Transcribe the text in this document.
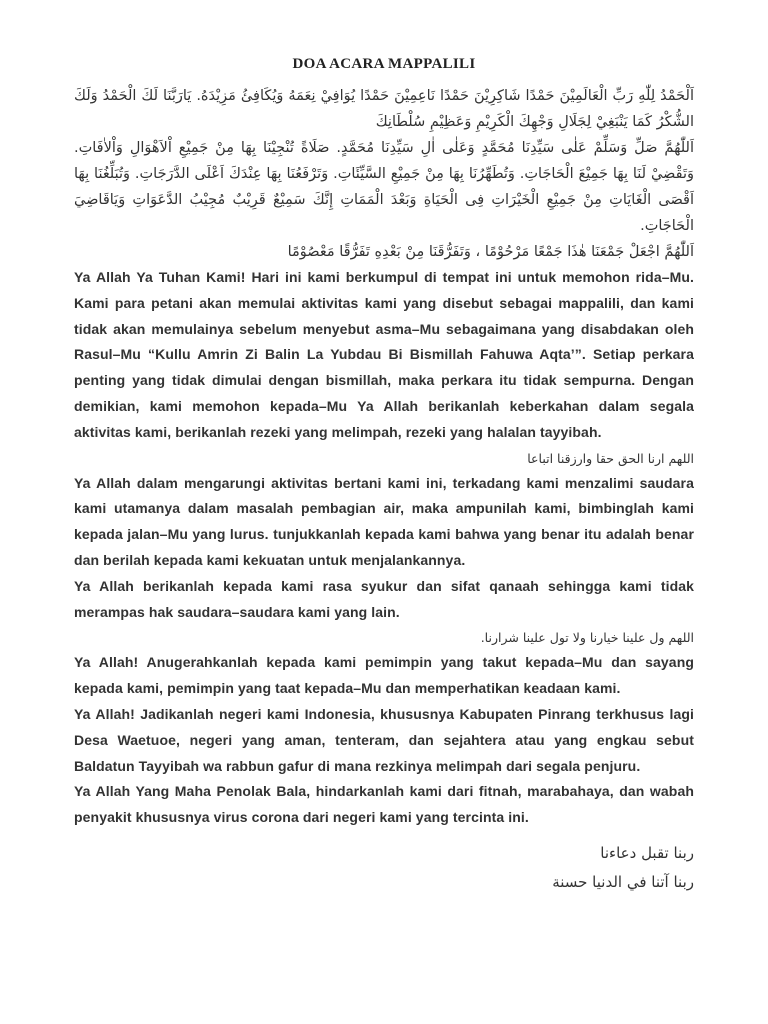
DOA ACARA MAPPALILI

اَلْحَمْدُ لِلّٰهِ رَبِّ الْعَالَمِيْنَ حَمْدًا شَاكِرِيْنَ حَمْدًا نَاعِمِيْنَ حَمْدًا يُوَافِيْ نِعَمَهُ وَيُكَافِئُ مَزِيْدَهُ. يَارَبَّنَا لَكَ الْحَمْدُ وَلَكَ الشُّكْرُ كَمَا يَنْبَغِيْ لِجَلَالِ وَجْهِكَ الْكَرِيْمِ وَعَظِيْمِ سُلْطَانِكَ

اَللّٰهُمَّ صَلِّ وَسَلِّمْ عَلٰى سَيِّدِنَا مُحَمَّدٍ وَعَلٰى اٰلِ سَيِّدِنَا مُحَمَّدٍ. صَلَاةً تُنْجِيْنَا بِهَا مِنْ جَمِيْعِ اْلاَهْوَالِ وَاْلاٰفَاتِ. وَتَقْضِيْ لَنَا بِهَا جَمِيْعَ الْحَاجَاتِ. وَتُطَهِّرُنَا بِهَا مِنْ جَمِيْعِ السَّيِّئَاتِ. وَتَرْفَعُنَا بِهَا عِنْدَكَ اَعْلَى الدَّرَجَاتِ. وَتُبَلِّغُنَا بِهَا اَقْصَى الْغَايَاتِ مِنْ جَمِيْعِ الْخَيْرَاتِ فِى الْحَيَاةِ وَبَعْدَ الْمَمَاتِ إِنَّكَ سَمِيْعٌ قَرِيْبٌ مُجِيْبُ الدَّعَوَاتِ وَيَاقَاضِيَ الْحَاجَاتِ.

اَللّٰهُمَّ اجْعَلْ جَمْعَنَا هٰذَا جَمْعًا مَرْحُوْمًا ، وَتَفَرُّقَنَا مِنْ بَعْدِهِ تَفَرُّقًا مَعْصُوْمًا

Ya Allah Ya Tuhan Kami! Hari ini kami berkumpul di tempat ini untuk memohon rida–Mu. Kami para petani akan memulai aktivitas kami yang disebut sebagai mappalili, dan kami tidak akan memulainya sebelum menyebut asma–Mu sebagaimana yang disabdakan oleh Rasul–Mu “Kullu Amrin Zi Balin La Yubdau Bi Bismillah Fahuwa Aqta’”. Setiap perkara penting yang tidak dimulai dengan bismillah, maka perkara itu tidak sempurna. Dengan demikian, kami memohon kepada–Mu Ya Allah berikanlah keberkahan dalam segala aktivitas kami, berikanlah rezeki yang melimpah, rezeki yang halalan tayyibah.

اللهم ارنا الحق حقا وارزقنا اتباعا

Ya Allah dalam mengarungi aktivitas bertani kami ini, terkadang kami menzalimi saudara kami utamanya dalam masalah pembagian air, maka ampunilah kami, bimbinglah kami kepada jalan–Mu yang lurus. tunjukkanlah kepada kami bahwa yang benar itu adalah benar dan berilah kepada kami kekuatan untuk menjalankannya.

Ya Allah berikanlah kepada kami rasa syukur dan sifat qanaah sehingga kami tidak merampas hak saudara–saudara kami yang lain.

اللهم ول علينا خيارنا ولا تول علينا شرارنا.

Ya Allah! Anugerahkanlah kepada kami pemimpin yang takut kepada–Mu dan sayang kepada kami, pemimpin yang taat kepada–Mu dan memperhatikan keadaan kami.

Ya Allah! Jadikanlah negeri kami Indonesia, khususnya Kabupaten Pinrang terkhusus lagi Desa Waetuoe, negeri yang aman, tenteram, dan sejahtera atau yang engkau sebut Baldatun Tayyibah wa rabbun gafur di mana rezkinya melimpah dari segala penjuru.

Ya Allah Yang Maha Penolak Bala, hindarkanlah kami dari fitnah, marabahaya, dan wabah penyakit khususnya virus corona dari negeri kami yang tercinta ini.

ربنا تقبل دعاءنا

ربنا آتنا في الدنيا حسنة
